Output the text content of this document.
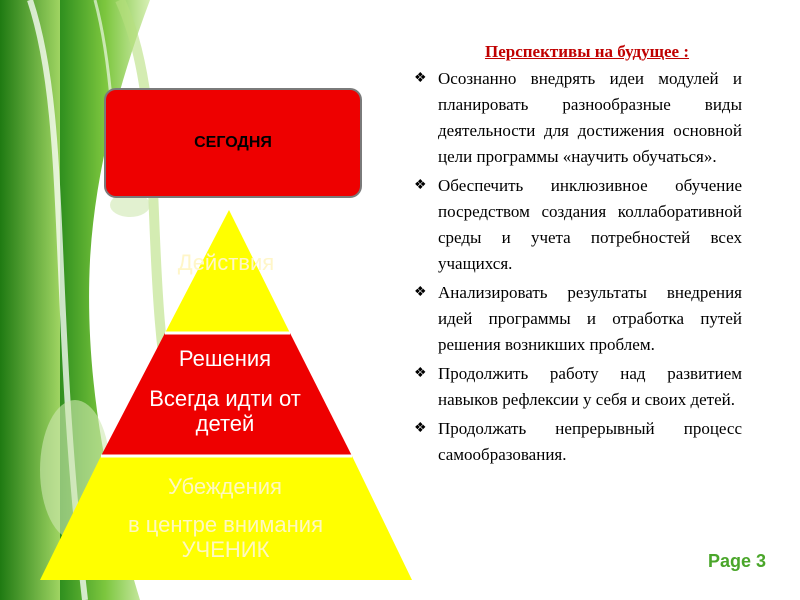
Действия
Решения
Всегда идти от детей
Убеждения
в центре внимания УЧЕНИК
СЕГОДНЯ
Перспективы на будущее :
❖ Осознанно внедрять идеи модулей и планировать разнообразные виды деятельности для достижения основной цели программы «научить обучаться».
❖ Обеспечить инклюзивное обучение посредством создания коллаборативной среды и учета потребностей всех учащихся.
❖ Анализировать результаты внедрения идей программы и отработка путей решения возникших проблем.
❖ Продолжить работу над развитием навыков рефлексии у себя и своих детей.
❖ Продолжать непрерывный процесс самообразования.
Page 3
